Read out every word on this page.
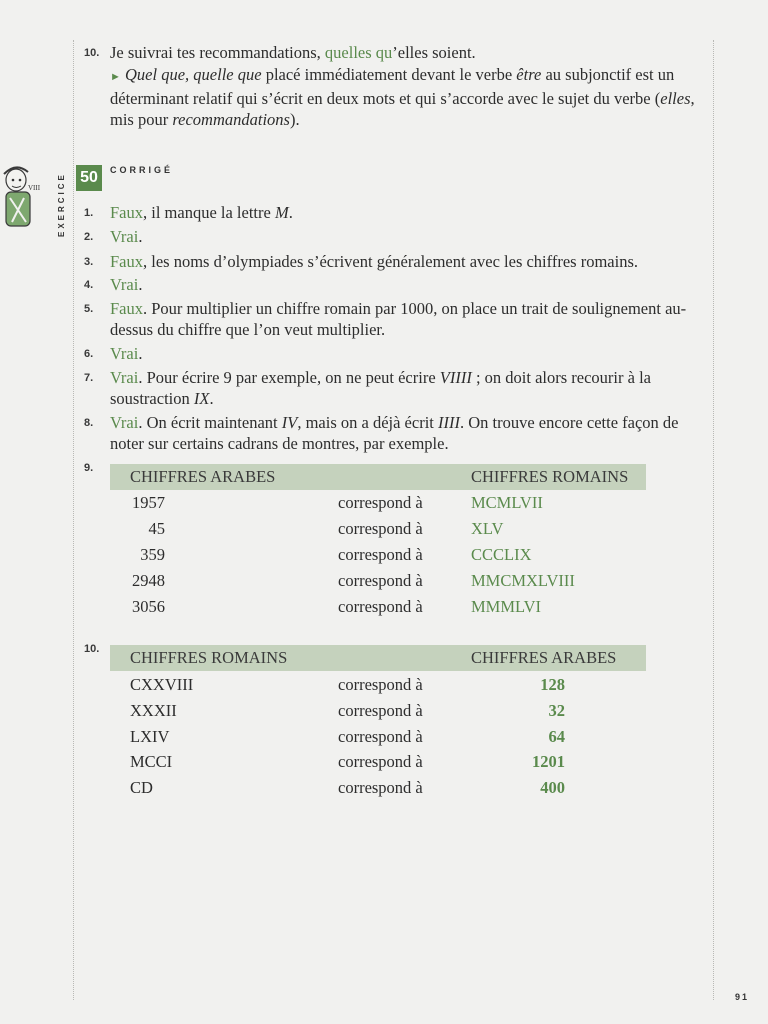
10. Je suivrai tes recommandations, quelles qu’elles soient.

► Quel que, quelle que placé immédiatement devant le verbe être au subjonctif est un déterminant relatif qui s’écrit en deux mots et qui s’accorde avec le sujet du verbe (elles, mis pour recommandations).

VIII EXERCICE 50	CORRIGÉ
1. Faux, il manque la lettre M.

2. Vrai.

3. Faux, les noms d’olympiades s’écrivent généralement avec les chiffres romains.

4. Vrai.

5. Faux. Pour multiplier un chiffre romain par 1000, on place un trait de soulignement au-dessus du chiffre que l’on veut multiplier.

6. Vrai.

7. Vrai. Pour écrire 9 par exemple, on ne peut écrire VIIII ; on doit alors recourir à la soustraction IX.

8. Vrai. On écrit maintenant IV, mais on a déjà écrit IIII. On trouve encore cette façon de noter sur certains cadrans de montres, par exemple.

9. CHIFFRES ARABES	CHIFFRES ROMAINS
1957	correspond à	MCMLVII
45	correspond à	XLV
359	correspond à	CCCLIX
2948	correspond à	MMCMXLVIII
3056	correspond à	MMMLVI
10. CHIFFRES ROMAINS	CHIFFRES ARABES
CXXVIII	correspond à	128
XXXII	correspond à	32
LXIV	correspond à	64
MCCI	correspond à	1201
CD	correspond à	400
91
